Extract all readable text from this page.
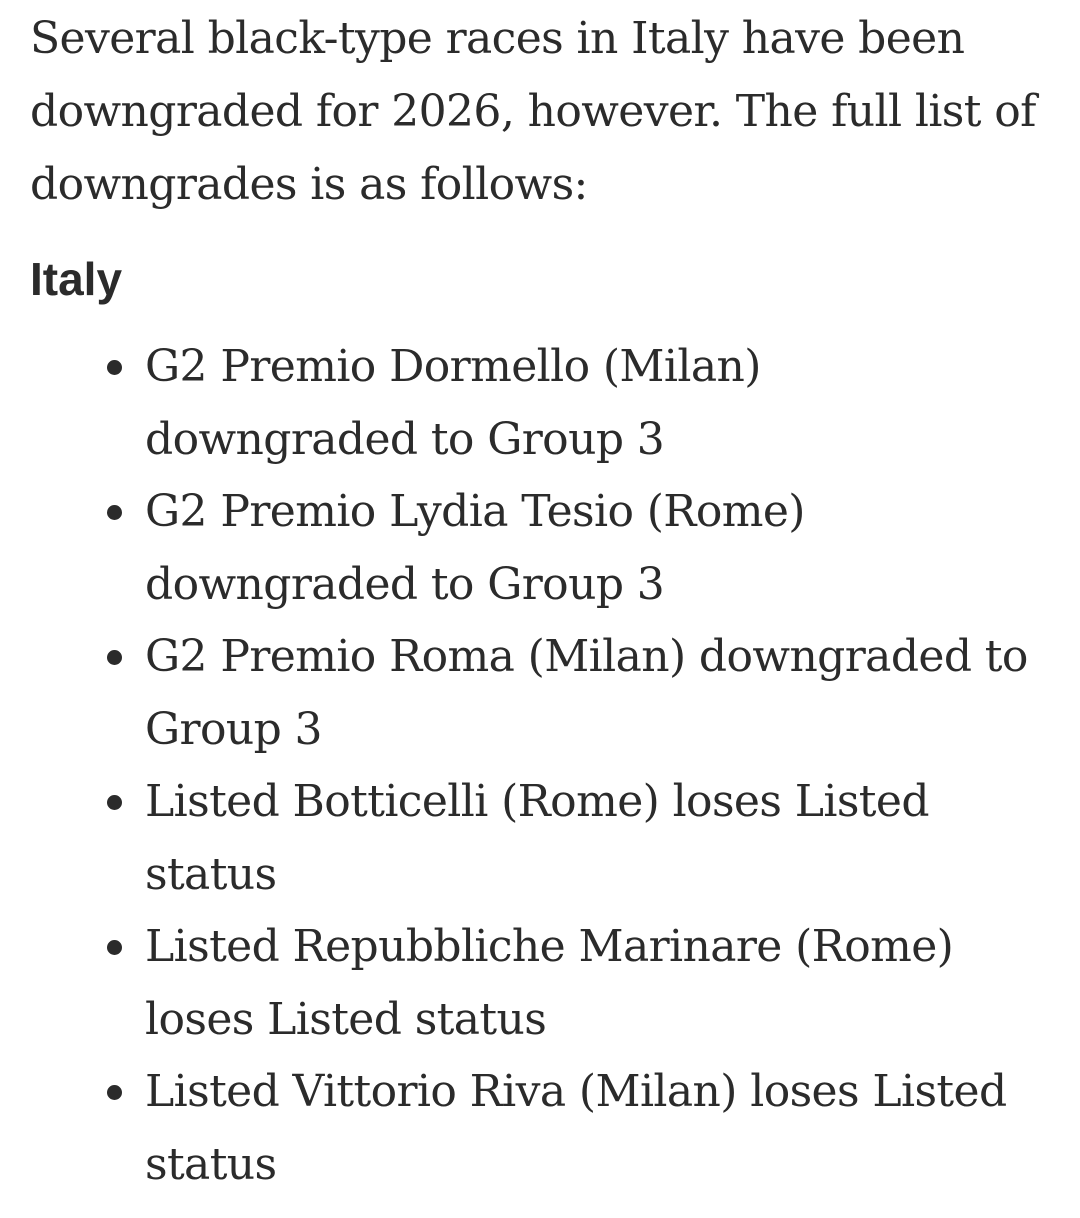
Several black-type races in Italy have been downgraded for 2026, however. The full list of downgrades is as follows:

Italy
G2 Premio Dormello (Milan) downgraded to Group 3
G2 Premio Lydia Tesio (Rome) downgraded to Group 3
G2 Premio Roma (Milan) downgraded to Group 3
Listed Botticelli (Rome) loses Listed status
Listed Repubbliche Marinare (Rome) loses Listed status
Listed Vittorio Riva (Milan) loses Listed status
